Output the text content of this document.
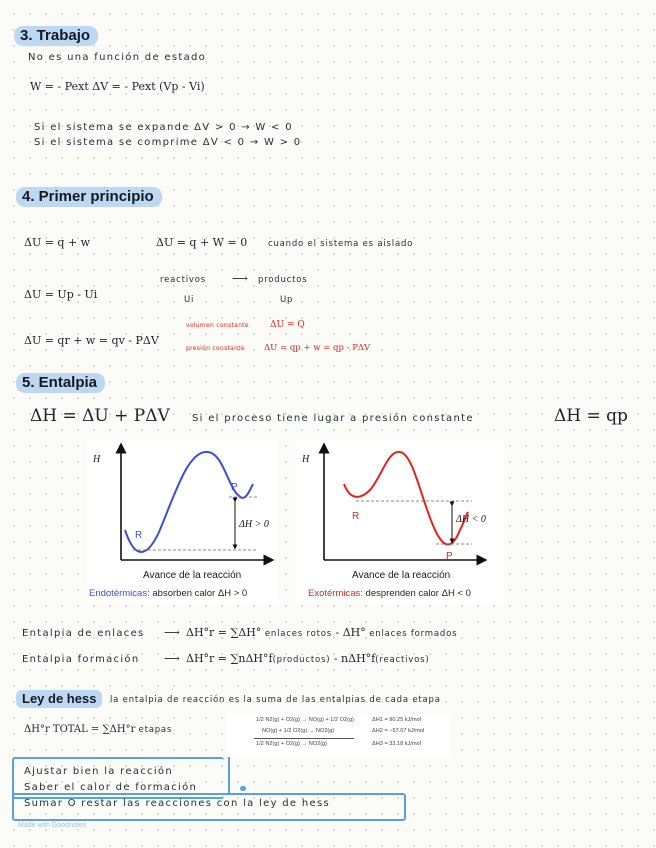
3. Trabajo
No es una función de estado
W = - Pext ΔV = - Pext (Vp - Vi)
Si el sistema se expande ΔV > 0 → W < 0
Si el sistema se comprime ΔV < 0 → W > 0
4. Primer principio
ΔU = q + w	ΔU = q + W = 0 cuando el sistema es aislado
reactivos ⟶ productos
ΔU = Up - Ui	Ui	Up
volumen constante ΔU = Q
ΔU = qr + w = qv - PΔV
presión constante ΔU = qp + w = qp - PΔV
5. Entalpia
ΔH = ΔU + PΔV Si el proceso tiene lugar a presión constante	ΔH = qp
H
R
P
ΔH > 0
Avance de la reacción
Endotérmicas: absorben calor ΔH > 0
H
R
P
ΔH < 0
Avance de la reacción
Exotérmicas: desprenden calor ΔH < 0
Entalpia de enlaces ⟶ ΔH°r = ∑ΔH° enlaces rotos - ΔH° enlaces formados
Entalpia formación ⟶ ΔH°r = ∑nΔH°f(productos) - nΔH°f(reactivos)
Ley de hess	la entalpia de reacción es la suma de las entalpias de cada etapa
ΔH°r TOTAL = ∑ΔH°r etapas
1/2 N2(g) + O2(g) → NO(g) + 1/2 O2(g)	ΔH1 = 90.25 kJ/mol
NO(g) + 1/2 O2(g) → NO2(g)	ΔH2 = −57.07 kJ/mol
1/2 N2(g) + O2(g) → NO2(g)	ΔH3 = 33.18 kJ/mol
Ajustar bien la reacción
Saber el calor de formación
Sumar O restar las reacciones con la ley de hess
Made with Goodnotes
